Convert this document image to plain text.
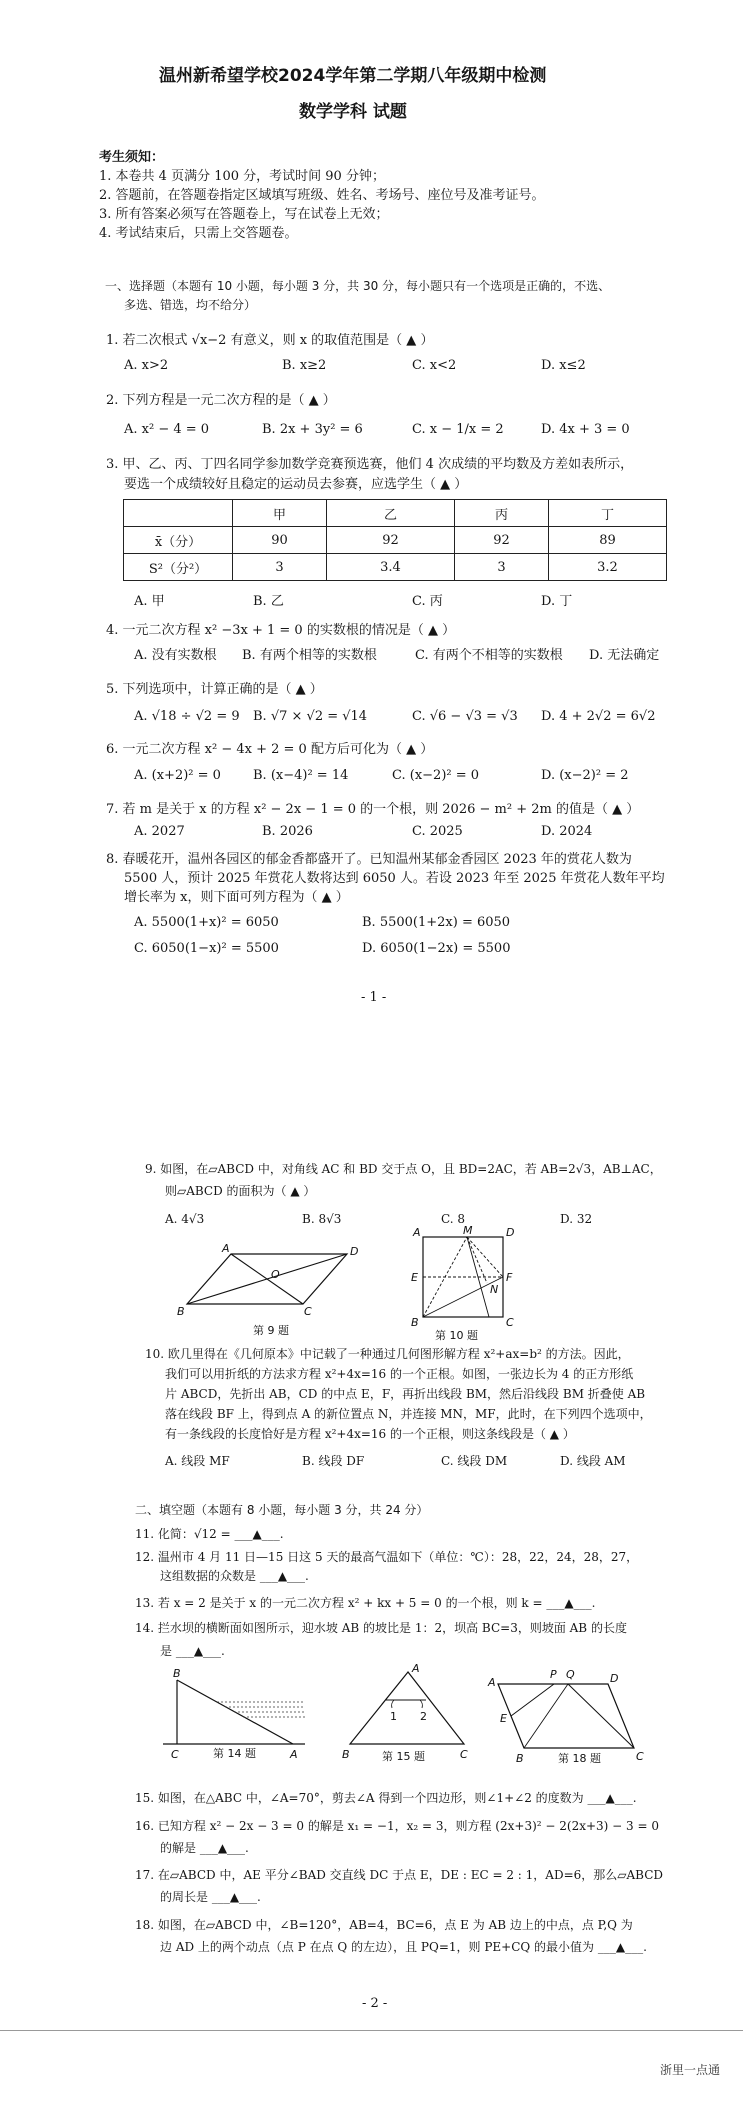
温州新希望学校2024学年第二学期八年级期中检测
数学学科 试题
考生须知：
1. 本卷共 4 页满分 100 分，考试时间 90 分钟；
2. 答题前，在答题卷指定区域填写班级、姓名、考场号、座位号及准考证号。
3. 所有答案必须写在答题卷上，写在试卷上无效；
4. 考试结束后，只需上交答题卷。
一、选择题（本题有 10 小题，每小题 3 分，共 30 分，每小题只有一个选项是正确的，不选、
多选、错选，均不给分）
1. 若二次根式 √x−2 有意义，则 x 的取值范围是（ ▲ ）
A. x>2	B. x≥2	C. x<2	D. x≤2
2. 下列方程是一元二次方程的是（ ▲ ）
A. x² − 4 = 0	B. 2x + 3y² = 6	C. x − 1/x = 2	D. 4x + 3 = 0
3. 甲、乙、丙、丁四名同学参加数学竞赛预选赛，他们 4 次成绩的平均数及方差如表所示，
要选一个成绩较好且稳定的运动员去参赛，应选学生（ ▲ ）
	甲	乙	丙	丁
x̄（分）	90	92	92	89
S²（分²）	3	3.4	3	3.2
A. 甲	B. 乙	C. 丙	D. 丁
4. 一元二次方程 x² −3x + 1 = 0 的实数根的情况是（ ▲ ）
A. 没有实数根 B. 有两个相等的实数根	C. 有两个不相等的实数根 D. 无法确定
5. 下列选项中，计算正确的是（ ▲ ）
A. √18 ÷ √2 = 9 B. √7 × √2 = √14	C. √6 − √3 = √3 D. 4 + 2√2 = 6√2
6. 一元二次方程 x² − 4x + 2 = 0 配方后可化为（ ▲ ）
A. (x+2)² = 0 B. (x−4)² = 14	C. (x−2)² = 0	D. (x−2)² = 2
7. 若 m 是关于 x 的方程 x² − 2x − 1 = 0 的一个根，则 2026 − m² + 2m 的值是（ ▲ ）
A. 2027	B. 2026	C. 2025	D. 2024
8. 春暖花开，温州各园区的郁金香都盛开了。已知温州某郁金香园区 2023 年的赏花人数为
5500 人，预计 2025 年赏花人数将达到 6050 人。若设 2023 年至 2025 年赏花人数年平均
增长率为 x，则下面可列方程为（ ▲ ）
A. 5500(1+x)² = 6050	B. 5500(1+2x) = 6050
C. 6050(1−x)² = 5500	D. 6050(1−2x) = 5500
- 1 -
9. 如图，在▱ABCD 中，对角线 AC 和 BD 交于点 O，且 BD=2AC，若 AB=2√3，AB⊥AC，
则▱ABCD 的面积为（ ▲ ）
A. 4√3	B. 8√3	C. 8	D. 32
A	D
O
B	C
第 9 题
A	M	D
E	F
N
B	C
第 10 题
10. 欧几里得在《几何原本》中记载了一种通过几何图形解方程 x²+ax=b² 的方法。因此，
我们可以用折纸的方法求方程 x²+4x=16 的一个正根。如图，一张边长为 4 的正方形纸
片 ABCD，先折出 AB，CD 的中点 E，F，再折出线段 BM，然后沿线段 BM 折叠使 AB
落在线段 BF 上，得到点 A 的新位置点 N，并连接 MN，MF，此时，在下列四个选项中，
有一条线段的长度恰好是方程 x²+4x=16 的一个正根，则这条线段是（ ▲ ）
A. 线段 MF	B. 线段 DF	C. 线段 DM	D. 线段 AM
二、填空题（本题有 8 小题，每小题 3 分，共 24 分）
11. 化简：√12 = ___▲___.
12. 温州市 4 月 11 日—15 日这 5 天的最高气温如下（单位：℃）：28，22，24，28，27，
这组数据的众数是 ___▲___.
13. 若 x = 2 是关于 x 的一元二次方程 x² + kx + 5 = 0 的一个根，则 k = ___▲___.
14. 拦水坝的横断面如图所示，迎水坡 AB 的坡比是 1：2，坝高 BC=3，则坡面 AB 的长度
是 ___▲___.
B
C	A
第 14 题
A
1 2
B	C
第 15 题
A
P Q	D
E
B	C
第 18 题
15. 如图，在△ABC 中，∠A=70°，剪去∠A 得到一个四边形，则∠1+∠2 的度数为 ___▲___.
16. 已知方程 x² − 2x − 3 = 0 的解是 x₁ = −1，x₂ = 3，则方程 (2x+3)² − 2(2x+3) − 3 = 0
的解是 ___▲___.
17. 在▱ABCD 中，AE 平分∠BAD 交直线 DC 于点 E，DE : EC = 2 : 1，AD=6，那么▱ABCD
的周长是 ___▲___.
18. 如图，在▱ABCD 中，∠B=120°，AB=4，BC=6，点 E 为 AB 边上的中点，点 P,Q 为
边 AD 上的两个动点（点 P 在点 Q 的左边），且 PQ=1，则 PE+CQ 的最小值为 ___▲___.
- 2 -
浙里一点通
